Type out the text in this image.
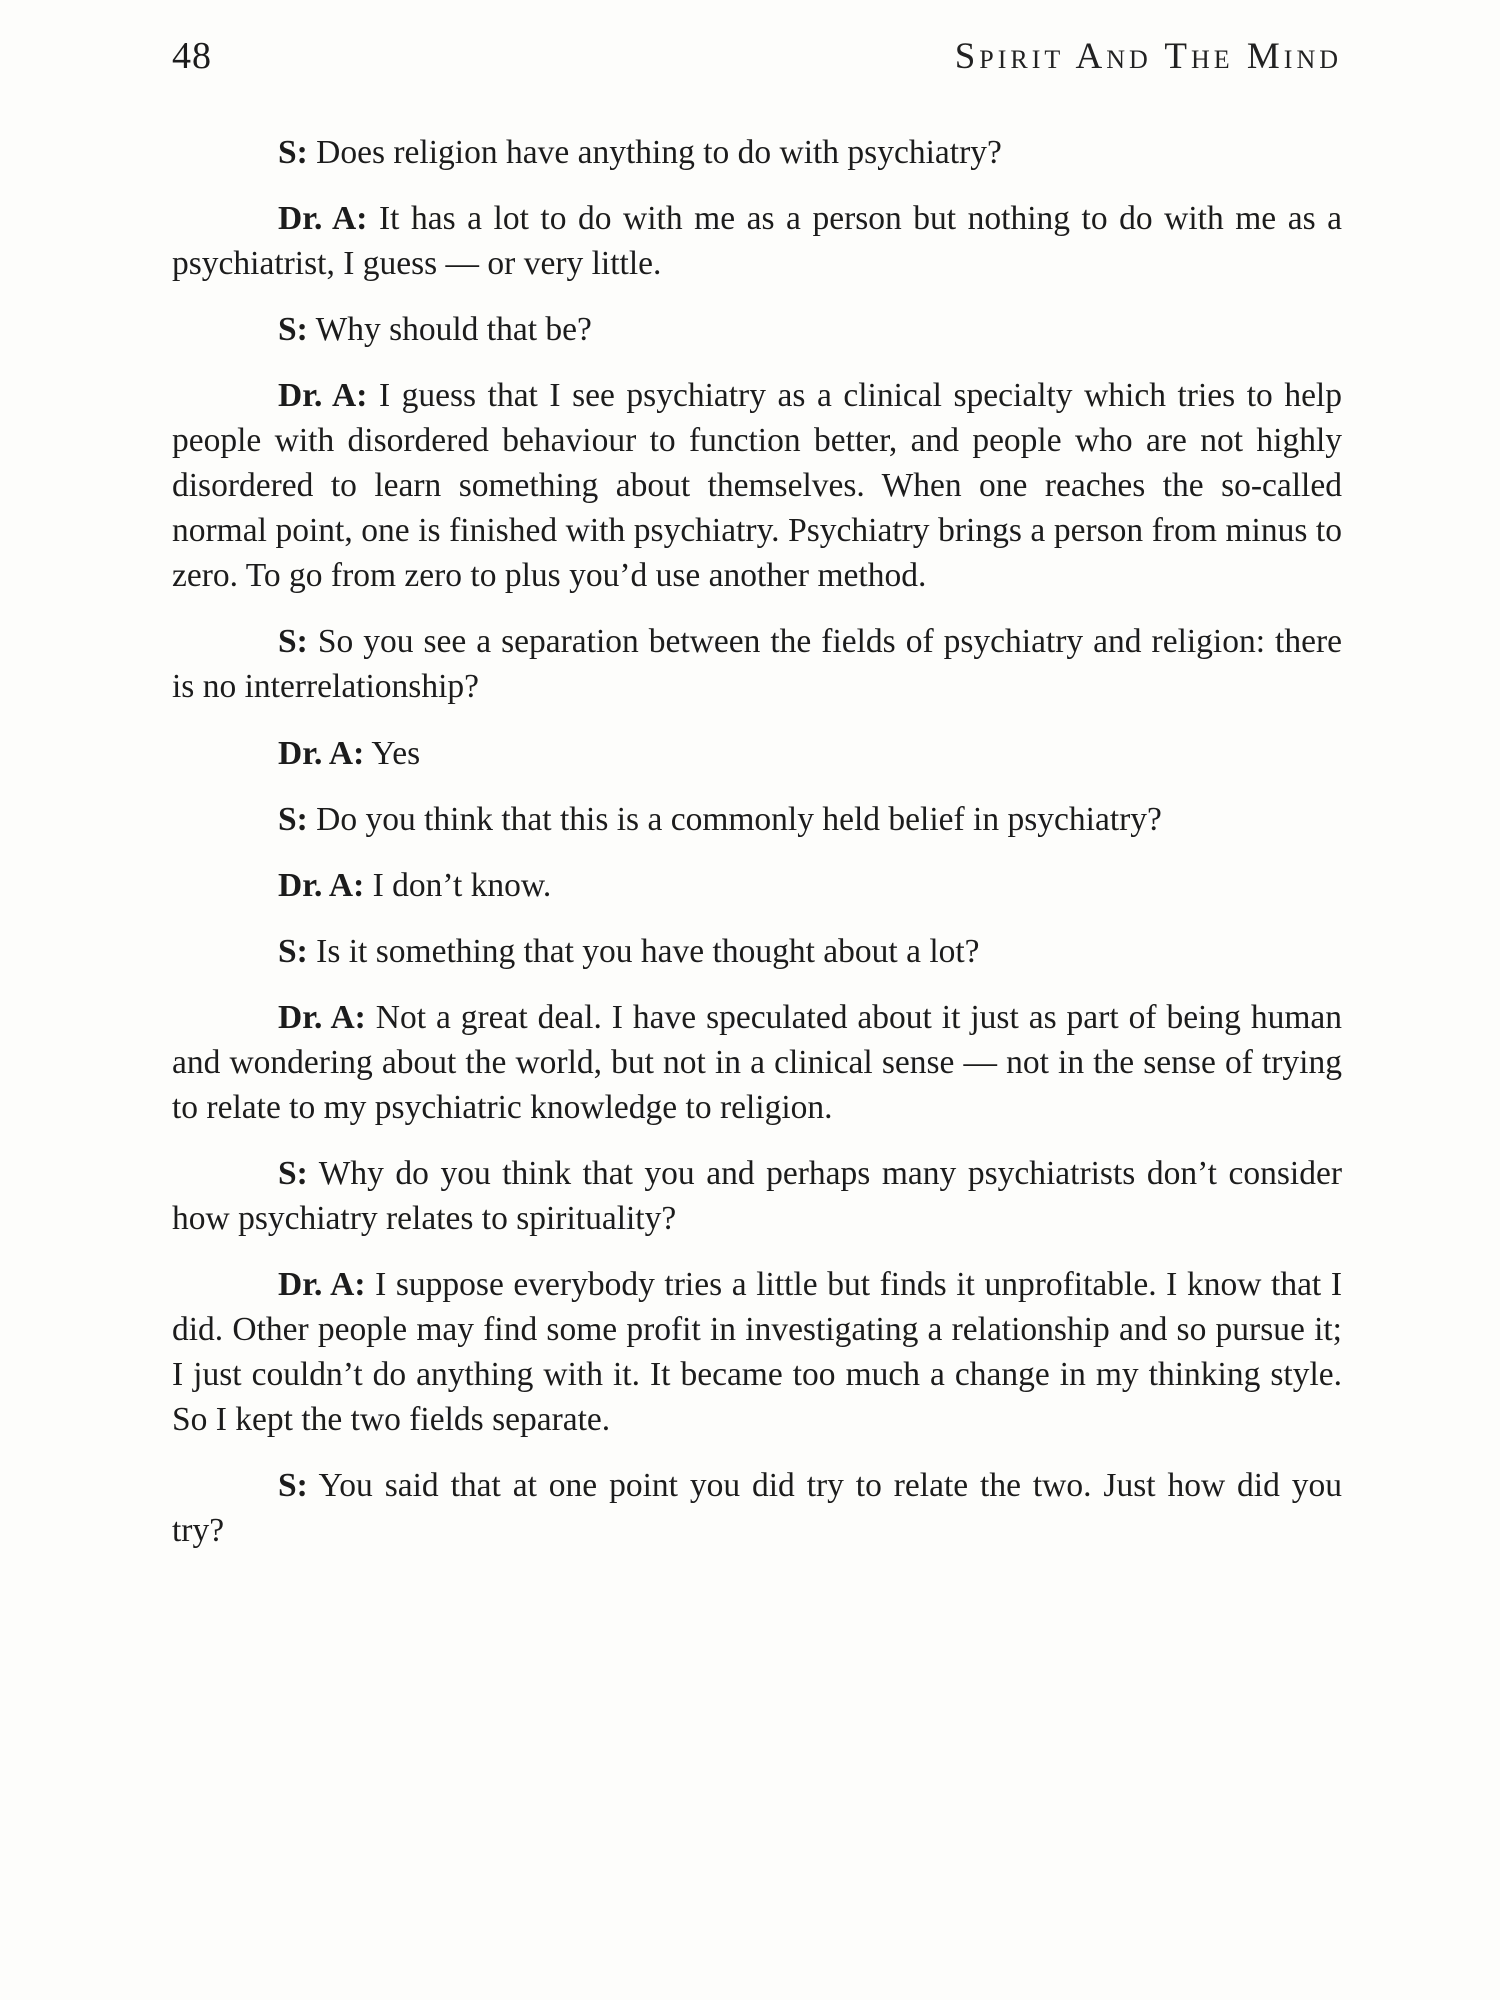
48	Spirit And The Mind

S: Does religion have anything to do with psychiatry?

Dr. A: It has a lot to do with me as a person but nothing to do with me as a psychiatrist, I guess — or very little.

S: Why should that be?

Dr. A: I guess that I see psychiatry as a clinical specialty which tries to help people with disordered behaviour to function better, and people who are not highly disordered to learn something about themselves. When one reaches the so-called normal point, one is finished with psychiatry. Psychiatry brings a person from minus to zero. To go from zero to plus you’d use another method.

S: So you see a separation between the fields of psychiatry and religion: there is no interrelationship?

Dr. A: Yes

S: Do you think that this is a commonly held belief in psychiatry?

Dr. A: I don’t know.

S: Is it something that you have thought about a lot?

Dr. A: Not a great deal. I have speculated about it just as part of being human and wondering about the world, but not in a clinical sense — not in the sense of trying to relate to my psychiatric knowledge to religion.

S: Why do you think that you and perhaps many psychiatrists don’t consider how psychiatry relates to spirituality?

Dr. A: I suppose everybody tries a little but finds it unprofitable. I know that I did. Other people may find some profit in investigating a relationship and so pursue it; I just couldn’t do anything with it. It became too much a change in my thinking style. So I kept the two fields separate.

S: You said that at one point you did try to relate the two. Just how did you try?
